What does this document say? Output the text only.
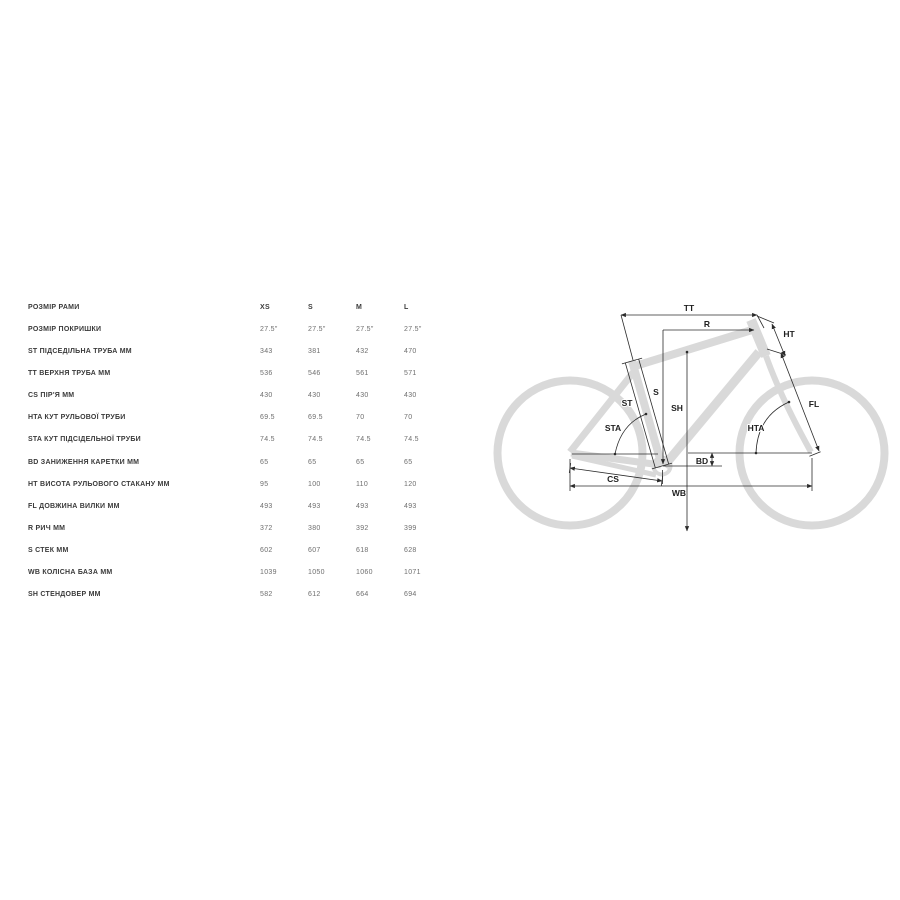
РОЗМІР РАМИ	XS	S	M	L
РОЗМІР ПОКРИШКИ	27.5"	27.5"	27.5"	27.5"
ST ПІДСЕДІЛЬНА ТРУБА ММ	343	381	432	470
TT ВЕРХНЯ ТРУБА ММ	536	546	561	571
CS ПІР'Я ММ	430	430	430	430
HTA КУТ РУЛЬОВОЇ ТРУБИ	69.5	69.5	70	70
STA КУТ ПІДСІДЕЛЬНОЇ ТРУБИ	74.5	74.5	74.5	74.5
BD ЗАНИЖЕННЯ КАРЕТКИ ММ	65	65	65	65
HT ВИСОТА РУЛЬОВОГО СТАКАНУ ММ	95	100	110	120
FL ДОВЖИНА ВИЛКИ ММ	493	493	493	493
R РИЧ ММ	372	380	392	399
S СТЕК ММ	602	607	618	628
WB КОЛІСНА БАЗА ММ	1039	1050	1060	1071
SH СТЕНДОВЕР ММ	582	612	664	694
TT
R
HT
ST
S
SH
STA
BD
CS
WB
HTA
FL
